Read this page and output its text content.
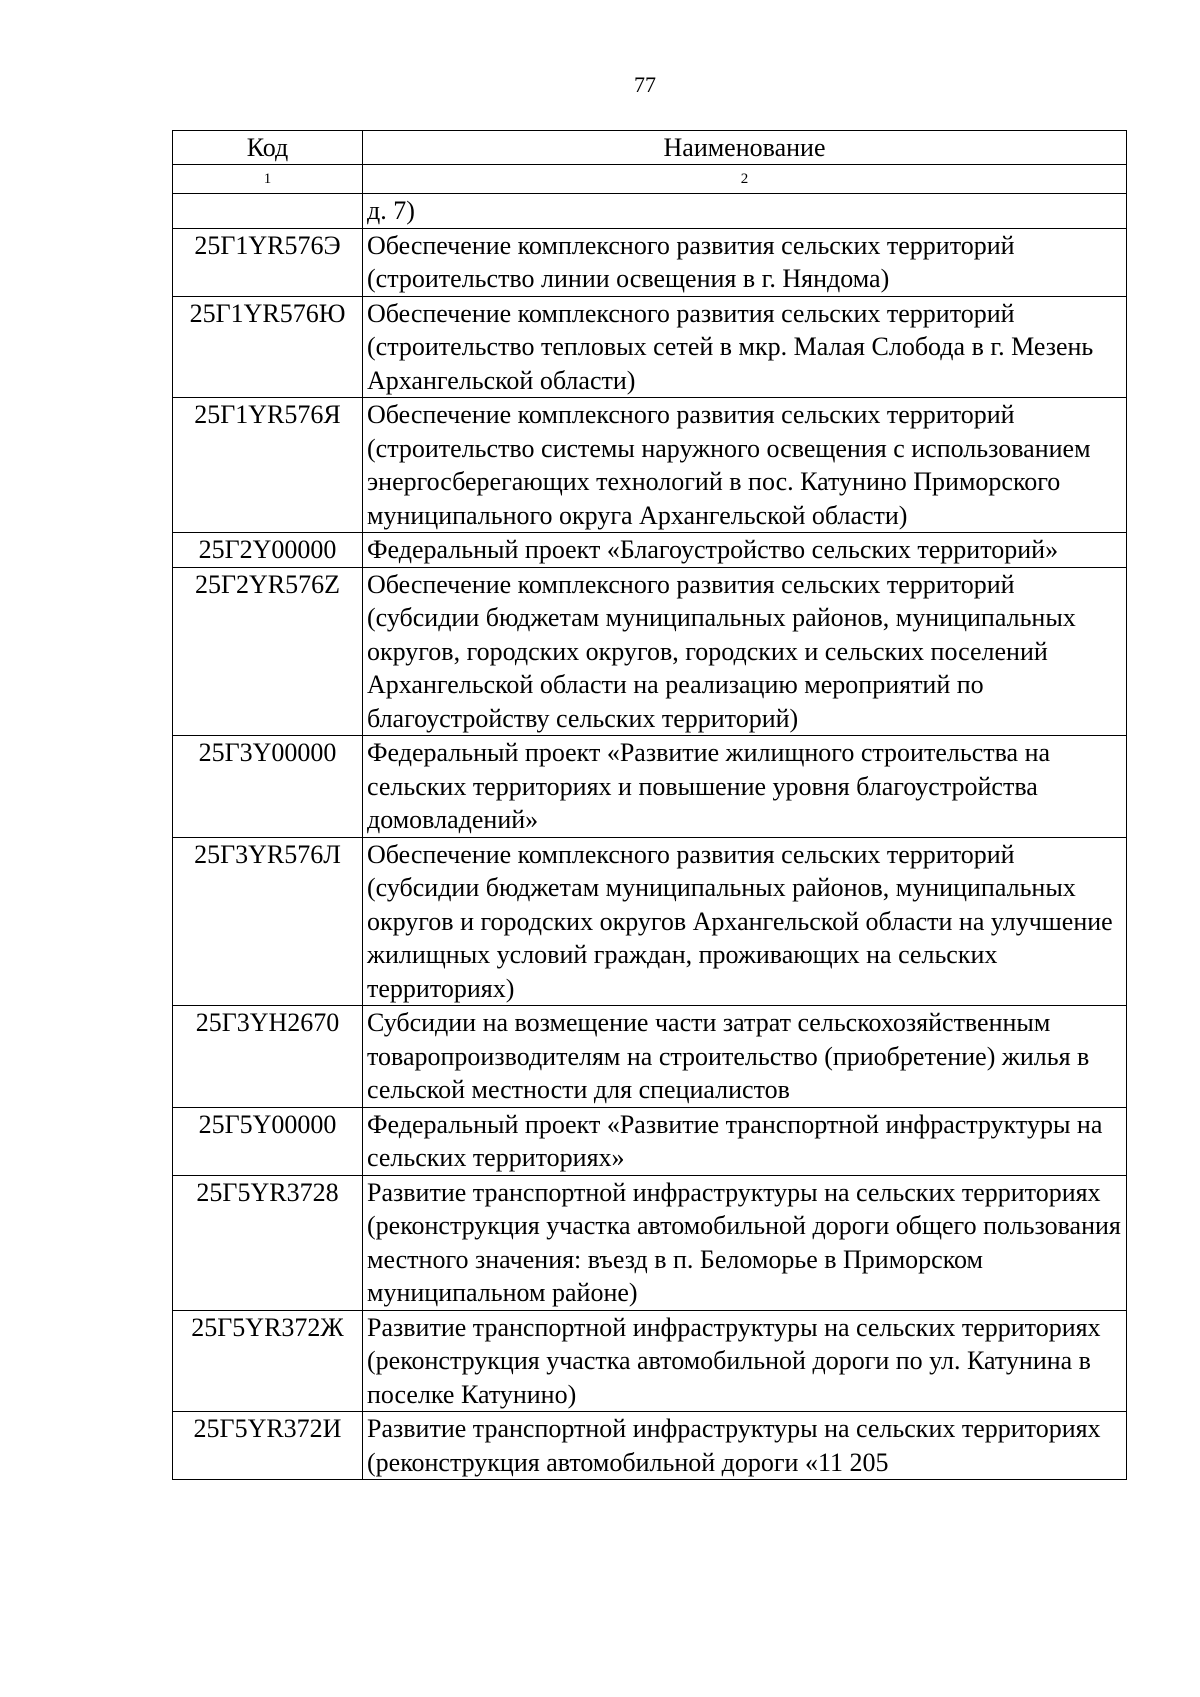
77
Код	Наименование
1	2
	д. 7)
25Г1YR576Э	Обеспечение комплексного развития сельских территорий (строительство линии освещения в г. Няндома)
25Г1YR576Ю	Обеспечение комплексного развития сельских территорий (строительство тепловых сетей в мкр. Малая Слобода в г. Мезень Архангельской области)
25Г1YR576Я	Обеспечение комплексного развития сельских территорий (строительство системы наружного освещения с использованием энергосберегающих технологий в пос. Катунино Приморского муниципального округа Архангельской области)
25Г2Y00000	Федеральный проект «Благоустройство сельских территорий»
25Г2YR576Z	Обеспечение комплексного развития сельских территорий (субсидии бюджетам муниципальных районов, муниципальных округов, городских округов, городских и сельских поселений Архангельской области на реализацию мероприятий по благоустройству сельских территорий)
25Г3Y00000	Федеральный проект «Развитие жилищного строительства на сельских территориях и повышение уровня благоустройства домовладений»
25Г3YR576Л	Обеспечение комплексного развития сельских территорий (субсидии бюджетам муниципальных районов, муниципальных округов и городских округов Архангельской области на улучшение жилищных условий граждан, проживающих на сельских территориях)
25Г3YH2670	Субсидии на возмещение части затрат сельскохозяйственным товаропроизводителям на строительство (приобретение) жилья в сельской местности для специалистов
25Г5Y00000	Федеральный проект «Развитие транспортной инфраструктуры на сельских территориях»
25Г5YR3728	Развитие транспортной инфраструктуры на сельских территориях (реконструкция участка автомобильной дороги общего пользования местного значения: въезд в п. Беломорье в Приморском муниципальном районе)
25Г5YR372Ж	Развитие транспортной инфраструктуры на сельских территориях (реконструкция участка автомобильной дороги по ул. Катунина в поселке Катунино)
25Г5YR372И	Развитие транспортной инфраструктуры на сельских территориях (реконструкция автомобильной дороги «11 205
